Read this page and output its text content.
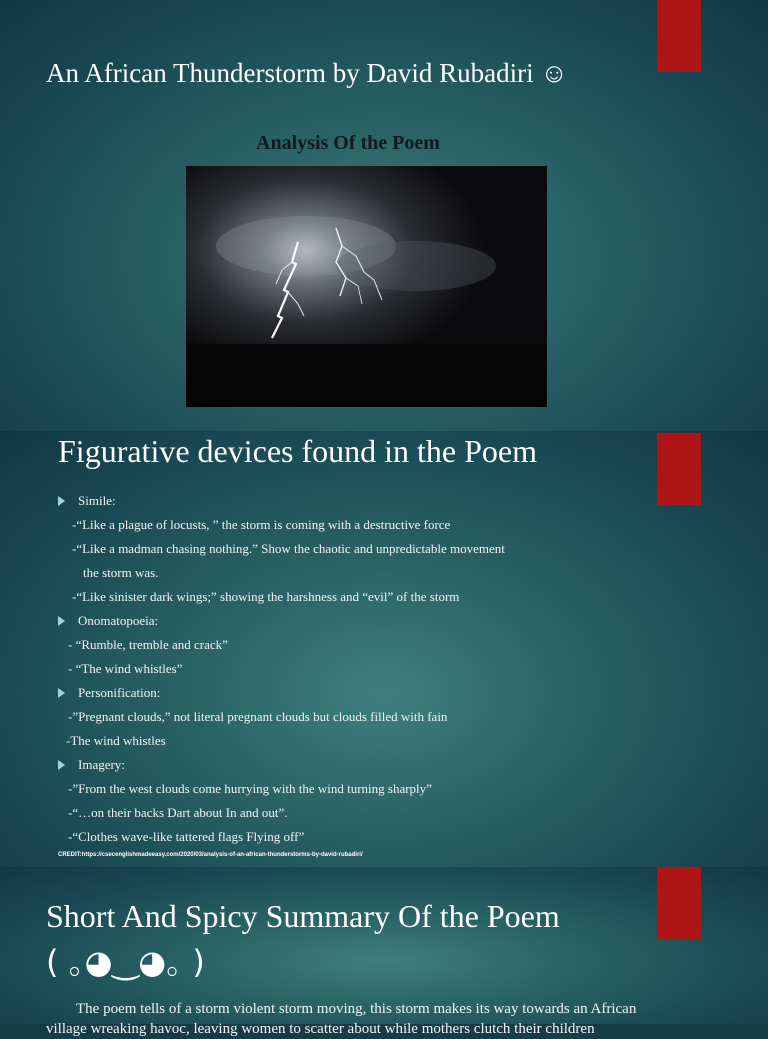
An African Thunderstorm by David Rubadiri ☺
Analysis Of the Poem
Figurative devices found in the Poem
Simile:
-“Like a plague of locusts, ” the storm is coming with a destructive force
-“Like a madman chasing nothing.” Show the chaotic and unpredictable movement
the storm was.
-“Like sinister dark wings;” showing the harshness and “evil” of the storm
Onomatopoeia:
- “Rumble, tremble and crack”
- “The wind whistles”
Personification:
-”Pregnant clouds,” not literal pregnant clouds but clouds filled with fain
-The wind whistles
Imagery:
-”From the west clouds come hurrying with the wind turning sharply”
-“…on their backs Dart about In and out”.
-“Clothes wave-like tattered flags Flying off”
CREDIT:https://csecenglishmadeeasy.com/2020/03/analysis-of-an-african-thunderstorms-by-david-rubadiri/
Short And Spicy Summary Of the Poem
( ｡◕‿◕｡ )
The poem tells of a storm violent storm moving, this storm makes its way towards an African village wreaking havoc, leaving women to scatter about while mothers clutch their children
